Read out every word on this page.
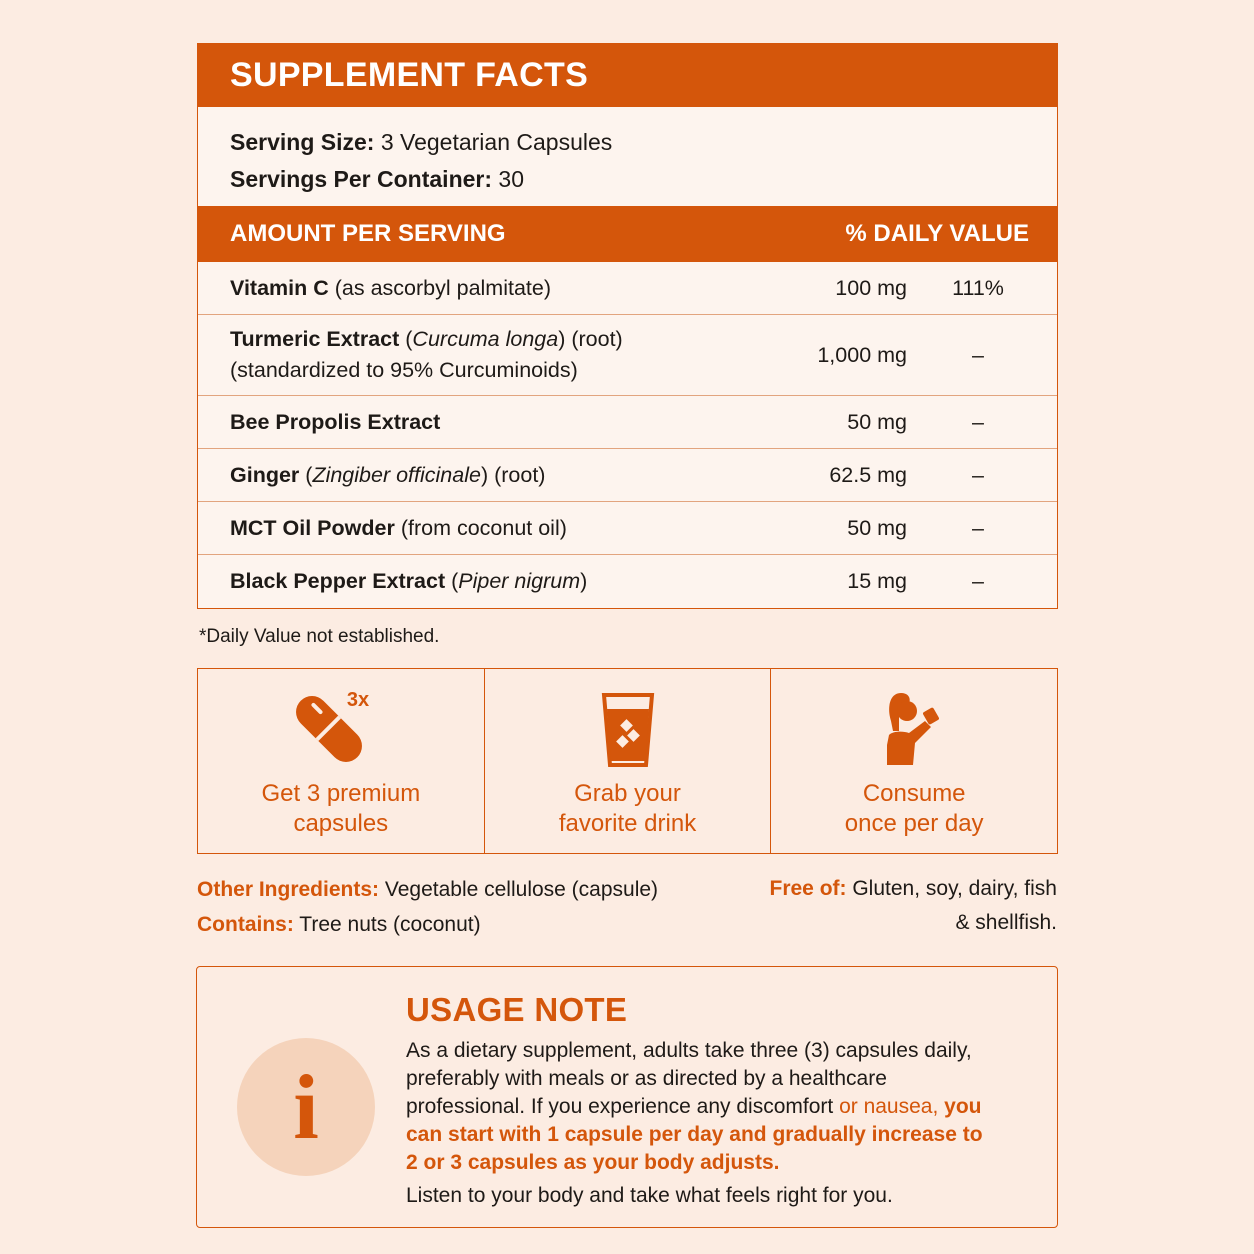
SUPPLEMENT FACTS
Serving Size: 3 Vegetarian Capsules
Servings Per Container: 30
AMOUNT PER SERVING	% DAILY VALUE
Vitamin C (as ascorbyl palmitate)	100 mg	111%
Turmeric Extract (Curcuma longa) (root)
(standardized to 95% Curcuminoids)
1,000 mg	–
Bee Propolis Extract	50 mg	–
Ginger (Zingiber officinale) (root)	62.5 mg	–
MCT Oil Powder (from coconut oil)	50 mg	–
Black Pepper Extract (Piper nigrum)	15 mg	–
*Daily Value not established.
3x
Get 3 premium
capsules
Grab your
favorite drink
Consume
once per day
Other Ingredients: Vegetable cellulose (capsule)
Contains: Tree nuts (coconut)
Free of: Gluten, soy, dairy, fish
& shellfish.
i
USAGE NOTE
As a dietary supplement, adults take three (3) capsules daily, preferably with meals or as directed by a healthcare professional. If you experience any discomfort or nausea, you can start with 1 capsule per day and gradually increase to 2 or 3 capsules as your body adjusts.
Listen to your body and take what feels right for you.
